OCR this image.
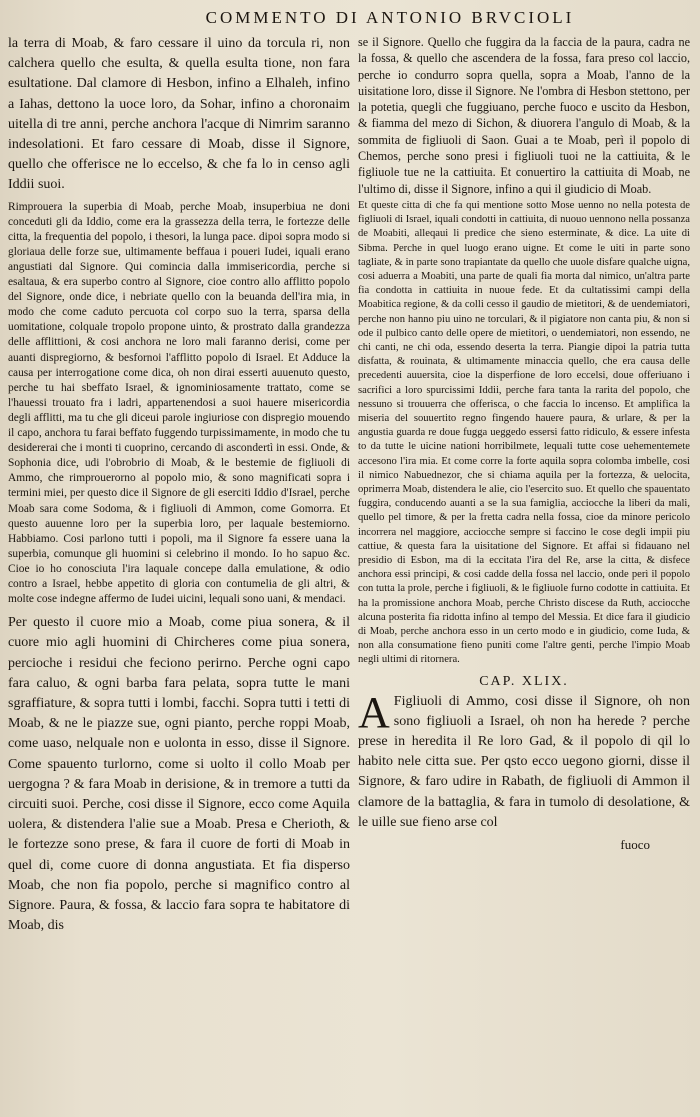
COMMENTO DI ANTONIO BRVCIOLI

la terra di Moab, & faro cessare il uino da torcula ri, non calchera quello che esulta, & quella esulta tione, non fara esultatione. Dal clamore di Hesbon, infino a Elhaleh, infino a Iahas, dettono la uoce loro, da Sohar, infino a choronaim uitella di tre anni, perche anchora l'acque di Nimrim saranno indesolationi. Et faro cessare di Moab, disse il Signore, quello che offerisce ne lo eccelso, & che fa lo in censo agli Iddii suoi.

Rimprouera la superbia di Moab, perche Moab, insuperbiua ne doni conceduti gli da Iddio, come era la grassezza della terra, le fortezze delle citta, la frequentia del popolo, i thesori, la lunga pace. dipoi sopra modo si gloriaua delle forze sue, ultimamente beffaua i poueri Iudei, iquali erano angustiati dal Signore. Qui comincia dalla immisericordia, perche si esaltaua, & era superbo contro al Signore, cioe contro allo afflitto popolo del Signore, onde dice, i nebriate quello con la beuanda dell'ira mia, in modo che come caduto percuota col corpo suo la terra, sparsa della uomitatione, colquale tropolo propone uinto, & prostrato dalla grandezza delle afflittioni, & cosi anchora ne loro mali faranno derisi, come per auanti dispregiorno, & besfornoi l'afflitto popolo di Israel. Et Adduce la causa per interrogatione come dica, oh non dirai esserti auuenuto questo, perche tu hai sbeffato Israel, & ignominiosamente trattato, come se l'hauessi trouato fra i ladri, appartenendosi a suoi hauere misericordia degli afflitti, ma tu che gli diceui parole ingiuriose con dispregio mouendo il capo, anchora tu farai beffato fuggendo turpissimamente, in modo che tu desidererai che i monti ti cuoprino, cercando di ascondertì in essi. Onde, & Sophonia dice, udi l'obrobrio di Moab, & le bestemie de figliuoli di Ammo, che rimprouerorno al popolo mio, & sono magnificati sopra i termini miei, per questo dice il Signore de gli eserciti Iddio d'Israel, perche Moab sara come Sodoma, & i figliuoli di Ammon, come Gomorra. Et questo auuenne loro per la superbia loro, per laquale bestemiorno. Habbiamo. Cosi parlono tutti i popoli, ma il Signore fa essere uana la superbia, comunque gli huomini si celebrino il mondo. Io ho sapuo &c. Cioe io ho conosciuta l'ira laquale concepe dalla emulatione, & odio contro a Israel, hebbe appetito di gloria con contumelia de gli altri, & molte cose indegne affermo de Iudei uicini, lequali sono uani, & mendaci.

Per questo il cuore mio a Moab, come piua sonera, & il cuore mio agli huomini di Chircheres come piua sonera, percioche i residui che feciono perirno. Perche ogni capo fara caluo, & ogni barba fara pelata, sopra tutte le mani sgraffiature, & sopra tutti i lombi, facchi. Sopra tutti i tetti di Moab, & ne le piazze sue, ogni pianto, perche roppi Moab, come uaso, nelquale non e uolonta in esso, disse il Signore. Come spauento turlorno, come si uolto il collo Moab per uergogna ? & fara Moab in derisione, & in tremore a tutti da circuiti suoi. Perche, cosi disse il Signore, ecco come Aquila uolera, & distendera l'alie sue a Moab. Presa e Cherioth, & le fortezze sono prese, & fara il cuore de forti di Moab in quel di, come cuore di donna angustiata. Et fia disperso Moab, che non fia popolo, perche si magnifico contro al Signore. Paura, & fossa, & laccio fara sopra te habitatore di Moab, dis

se il Signore. Quello che fuggira da la faccia de la paura, cadra ne la fossa, & quello che ascendera de la fossa, fara preso col laccio, perche io condurro sopra quella, sopra a Moab, l'anno de la uisitatione loro, disse il Signore. Ne l'ombra di Hesbon stettono, per la potetia, quegli che fuggiuano, perche fuoco e uscito da Hesbon, & fiamma del mezo di Sichon, & diuorera l'angulo di Moab, & la sommita de figliuoli di Saon. Guai a te Moab, perì il popolo di Chemos, perche sono presi i figliuoli tuoi ne la cattiuita, & le figliuole tue ne la cattiuita. Et conuertiro la cattiuita di Moab, ne l'ultimo di, disse il Signore, infino a qui il giudicio di Moab.

Et queste citta di che fa qui mentione sotto Mose uenno no nella potesta de figliuoli di Israel, iquali condotti in cattiuita, di nuouo uennono nella possanza de Moabiti, alleqaui li predice che sieno esterminate, & dice. La uite di Sibma. Perche in quel luogo erano uigne. Et come le uiti in parte sono tagliate, & in parte sono trapiantate da quello che uuole disfare qualche uigna, cosi aduerra a Moabiti, una parte de quali fia morta dal nimico, un'altra parte fia condotta in cattiuita in nuoue fede. Et da cultatissimi campi della Moabitica regione, & da colli cesso il gaudio de mietitori, & de uendemiatori, perche non hanno piu uino ne torculari, & il pigiatore non canta piu, & non si ode il pulbico canto delle opere de mietitori, o uendemiatori, non essendo, ne chi canti, ne chi oda, essendo deserta la terra. Piangie dipoi la patria tutta disfatta, & rouinata, & ultimamente minaccia quello, che era causa delle precedenti auuersita, cioe la disperfione de loro eccelsi, doue offeriuano i sacrifici a loro spurcissimi Iddii, perche fara tanta la rarita del popolo, che nessuno si trouuerra che offerisca, o che faccia lo incenso. Et amplifica la miseria del souuertito regno fingendo hauere paura, & urlare, & per la angustia guarda re doue fugga ueggedo essersi fatto ridiculo, & essere infesta to da tutte le uicine nationi horribilmete, lequali tutte cose uehementemete accesono l'ira mia. Et come corre la forte aquila sopra colomba imbelle, cosi il nimico Nabuednezor, che si chiama aquila per la fortezza, & uelocita, oprimerra Moab, distendera le alie, cio l'esercito suo. Et quello che spauentato fuggira, conducendo auanti a se la sua famiglia, acciocche la liberi da mali, quello pel timore, & per la fretta cadra nella fossa, cioe da minore pericolo incorrera nel maggiore, acciocche sempre si faccino le cose degli impii piu cattiue, & questa fara la uisitatione del Signore. Et affai si fidauano nel presidio di Esbon, ma di la eccitata l'ira del Re, arse la citta, & disfece anchora essi principi, & cosi cadde della fossa nel laccio, onde perì il popolo con tutta la prole, perche i figliuoli, & le figliuole furno codotte in cattiuita. Et ha la promissione anchora Moab, perche Christo discese da Ruth, acciocche alcuna posterita fia ridotta infino al tempo del Messia. Et dice fara il giudicio di Moab, perche anchora esso in un certo modo e in giudicio, come Iuda, & non alla consumatione fieno puniti come l'altre genti, perche l'impio Moab negli ultimi di ritornera.

CAP. XLIX.

A Figliuoli di Ammo, cosi disse il Signore, oh non sono figliuoli a Israel, oh non ha herede ? perche prese in heredita il Re loro Gad, & il popolo di qil lo habito nele citta sue. Per qsto ecco uegono giorni, disse il Signore, & faro udire in Rabath, de figliuoli di Ammon il clamore de la battaglia, & fara in tumolo di desolatione, & le uille sue fieno arse col

fuoco
